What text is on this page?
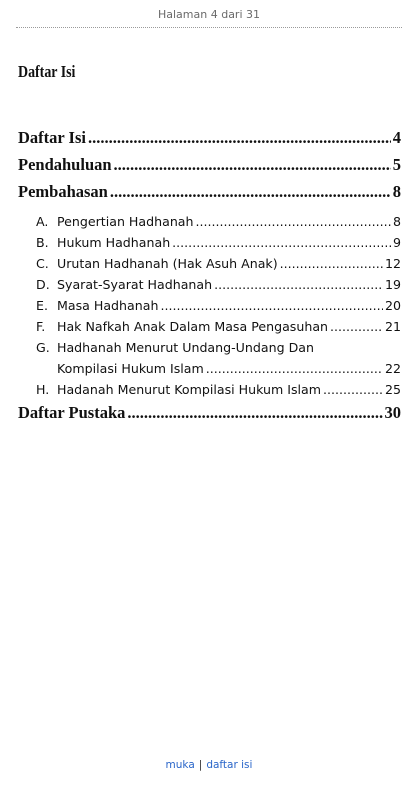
Halaman 4 dari 31
Daftar Isi
Daftar Isi .....	4
Pendahuluan .....	5
Pembahasan .....	8
A. Pengertian Hadhanah .....	8
B. Hukum Hadhanah .....	9
C. Urutan Hadhanah (Hak Asuh Anak) .....	12
D. Syarat-Syarat Hadhanah .....	19
E. Masa Hadhanah .....	20
F. Hak Nafkah Anak Dalam Masa Pengasuhan .....	21
G. Hadhanah Menurut Undang-Undang Dan
Kompilasi Hukum Islam .....	22
H. Hadanah Menurut Kompilasi Hukum Islam .....	25
Daftar Pustaka .....	30
muka | daftar isi
